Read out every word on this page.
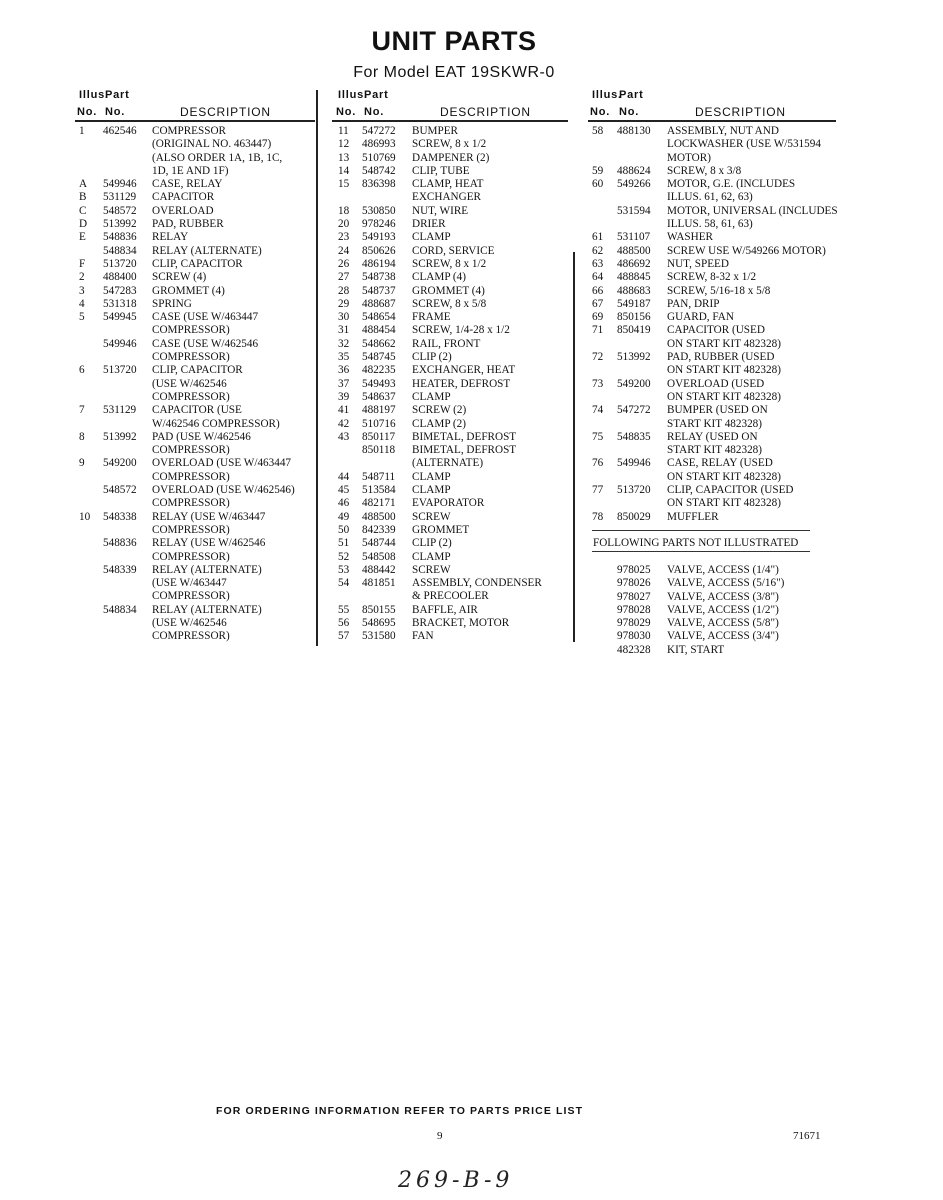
UNIT PARTS
For Model EAT 19SKWR-0
Illus.
Part
No. No.	DESCRIPTION
1	462546 COMPRESSOR
(ORIGINAL NO. 463447)
(ALSO ORDER 1A, 1B, 1C,
1D, 1E AND 1F)
A	549946 CASE, RELAY
B	531129 CAPACITOR
C	548572 OVERLOAD
D	513992 PAD, RUBBER
E	548836 RELAY
548834 RELAY (ALTERNATE)
F	513720 CLIP, CAPACITOR
2	488400 SCREW (4)
3	547283 GROMMET (4)
4	531318 SPRING
5	549945 CASE (USE W/463447
COMPRESSOR)
549946 CASE (USE W/462546
COMPRESSOR)
6	513720 CLIP, CAPACITOR
(USE W/462546
COMPRESSOR)
7	531129 CAPACITOR (USE
W/462546 COMPRESSOR)
8	513992 PAD (USE W/462546
COMPRESSOR)
9	549200 OVERLOAD (USE W/463447
COMPRESSOR)
548572 OVERLOAD (USE W/462546)
COMPRESSOR)
10	548338 RELAY (USE W/463447
COMPRESSOR)
548836 RELAY (USE W/462546
COMPRESSOR)
548339 RELAY (ALTERNATE)
(USE W/463447
COMPRESSOR)
548834 RELAY (ALTERNATE)
(USE W/462546
COMPRESSOR)
Illus.
Part
No. No.	DESCRIPTION
11	547272 BUMPER
12	486993 SCREW, 8 x 1/2
13	510769 DAMPENER (2)
14	548742 CLIP, TUBE
15	836398 CLAMP, HEAT
EXCHANGER
18	530850 NUT, WIRE
20	978246 DRIER
23	549193 CLAMP
24	850626 CORD, SERVICE
26	486194 SCREW, 8 x 1/2
27	548738 CLAMP (4)
28	548737 GROMMET (4)
29	488687 SCREW, 8 x 5/8
30	548654 FRAME
31	488454 SCREW, 1/4-28 x 1/2
32	548662 RAIL, FRONT
35	548745 CLIP (2)
36	482235 EXCHANGER, HEAT
37	549493 HEATER, DEFROST
39	548637 CLAMP
41	488197 SCREW (2)
42	510716 CLAMP (2)
43	850117 BIMETAL, DEFROST
850118 BIMETAL, DEFROST
(ALTERNATE)
44	548711 CLAMP
45	513584 CLAMP
46	482171 EVAPORATOR
49	488500 SCREW
50	842339 GROMMET
51	548744 CLIP (2)
52	548508 CLAMP
53	488442 SCREW
54	481851 ASSEMBLY, CONDENSER
& PRECOOLER
55	850155 BAFFLE, AIR
56	548695 BRACKET, MOTOR
57	531580 FAN
Illus.
Part
No. No.	DESCRIPTION
58	488130 ASSEMBLY, NUT AND
LOCKWASHER (USE W/531594
MOTOR)
59	488624 SCREW, 8 x 3/8
60	549266 MOTOR, G.E. (INCLUDES
ILLUS. 61, 62, 63)
531594 MOTOR, UNIVERSAL (INCLUDES
ILLUS. 58, 61, 63)
61	531107 WASHER
62	488500 SCREW USE W/549266 MOTOR)
63	486692 NUT, SPEED
64	488845 SCREW, 8-32 x 1/2
66	488683 SCREW, 5/16-18 x 5/8
67	549187 PAN, DRIP
69	850156 GUARD, FAN
71	850419 CAPACITOR (USED
ON START KIT 482328)
72	513992 PAD, RUBBER (USED
ON START KIT 482328)
73	549200 OVERLOAD (USED
ON START KIT 482328)
74	547272 BUMPER (USED ON
START KIT 482328)
75	548835 RELAY (USED ON
START KIT 482328)
76	549946 CASE, RELAY (USED
ON START KIT 482328)
77	513720 CLIP, CAPACITOR (USED
ON START KIT 482328)
78	850029 MUFFLER
FOLLOWING PARTS NOT ILLUSTRATED
978025 VALVE, ACCESS (1/4")
978026 VALVE, ACCESS (5/16")
978027 VALVE, ACCESS (3/8")
978028 VALVE, ACCESS (1/2")
978029 VALVE, ACCESS (5/8")
978030 VALVE, ACCESS (3/4")
482328 KIT, START
FOR ORDERING INFORMATION REFER TO PARTS PRICE LIST
9	71671
269-B-9
